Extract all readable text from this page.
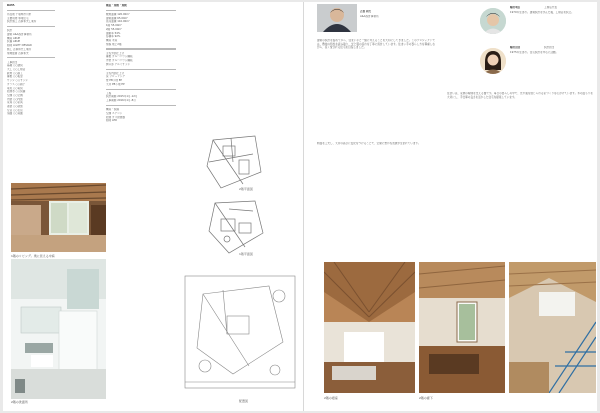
DATA
所在地 千葉県市川市
主要用途 専用住宅
設計施工 古賀和夫工業所
設計
建築 A&A設計事務所
構造 ARUP
設備 ARUP
照明 LIGHT DESIGN
施工 古賀和夫工業所
現場監督 古賀和夫
工事担当
基礎 ○○建設
大工 ○○工務店
鉄骨 ○○鉄工
屋根 ○○板金
サッシ ○○サッシ
ガラス ○○硝子
電気 ○○電設
給排水 ○○設備
空調 ○○空調
内装 ○○内装
家具 ○○家具
塗装 ○○塗装
左官 ○○左官
造園 ○○造園
構造・規模・規模
敷地面積 120.00m²
建築面積 65.00m²
延床面積 110.00m²
1階 55.00m²
2階 55.00m²
建蔽率 54%
容積率 92%
構造 木造
規模 地上2階
主な外部仕上げ
屋根 ガルバリウム鋼板
外壁 ガルバリウム鋼板
開口部 アルミサッシ
主な内部仕上げ
床 フローリング
壁 PB下地 EP
天井 PB下地 EP
工程
設計期間 2015年1月-12月
工事期間 2016年1月-8月
構造・設備
空調 エアコン
給湯 ガス給湯器
照明 LED
2階平面図
1階平面図
配置図
1階のリビング。奥に見える中庭
2階の洗面所
古賀 和夫
A&A設計事務所
建築の設計を始めてから、住まい手と一緒に考えることを大切にしてきました。このプロジェクトでは、敷地の特性を読み取り、光と風の流れを丁寧に設計しています。住まい手の暮らし方を尊重しながら、長く愛される住宅を目指しました。
断面を工夫し、天井の高さに変化をつけることで、空間に豊かな表情が生まれています。
鶴田明弘	工務店代表
1970年生まれ。建築設計を学んだ後、工務店を設立。
鶴田由香	設計担当
1975年生まれ。住宅設計を中心に活動。
住まいは、家族の時間を支える器です。毎日の暮らしの中で、光や風を感じられる家づくりを心がけています。木の温もりを大切にし、手仕事の良さを活かした住宅を提案しています。
2階の寝室	2階の廊下
